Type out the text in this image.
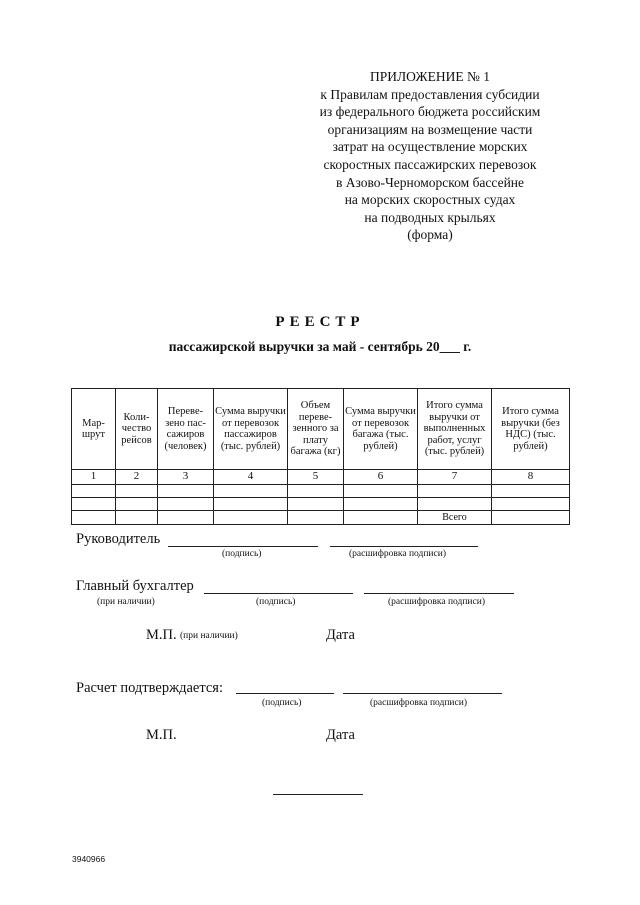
ПРИЛОЖЕНИЕ № 1
к Правилам предоставления субсидии
из федерального бюджета российским
организациям на возмещение части
затрат на осуществление морских
скоростных пассажирских перевозок
в Азово-Черноморском бассейне
на морских скоростных судах
на подводных крыльях
(форма)
РЕЕСТР
пассажирской выручки за май - сентябрь 20___ г.
Мар-шрут	Коли-чество рейсов	Переве-зено пас-сажиров (человек)	Сумма выручки от перевозок пассажиров (тыс. рублей)	Объем переве-зенного за плату багажа (кг)	Сумма выручки от перевозок багажа (тыс. рублей)	Итого сумма выручки от выполненных работ, услуг (тыс. рублей)	Итого сумма выручки (без НДС) (тыс. рублей)
1	2	3	4	5	6	7	8

						Всего	
Руководитель
(подпись)	(расшифровка подписи)
Главный бухгалтер
(при наличии)	(подпись)	(расшифровка подписи)
М.П. (при наличии)	Дата
Расчет подтверждается:
(подпись)	(расшифровка подписи)
М.П.	Дата
3940966
